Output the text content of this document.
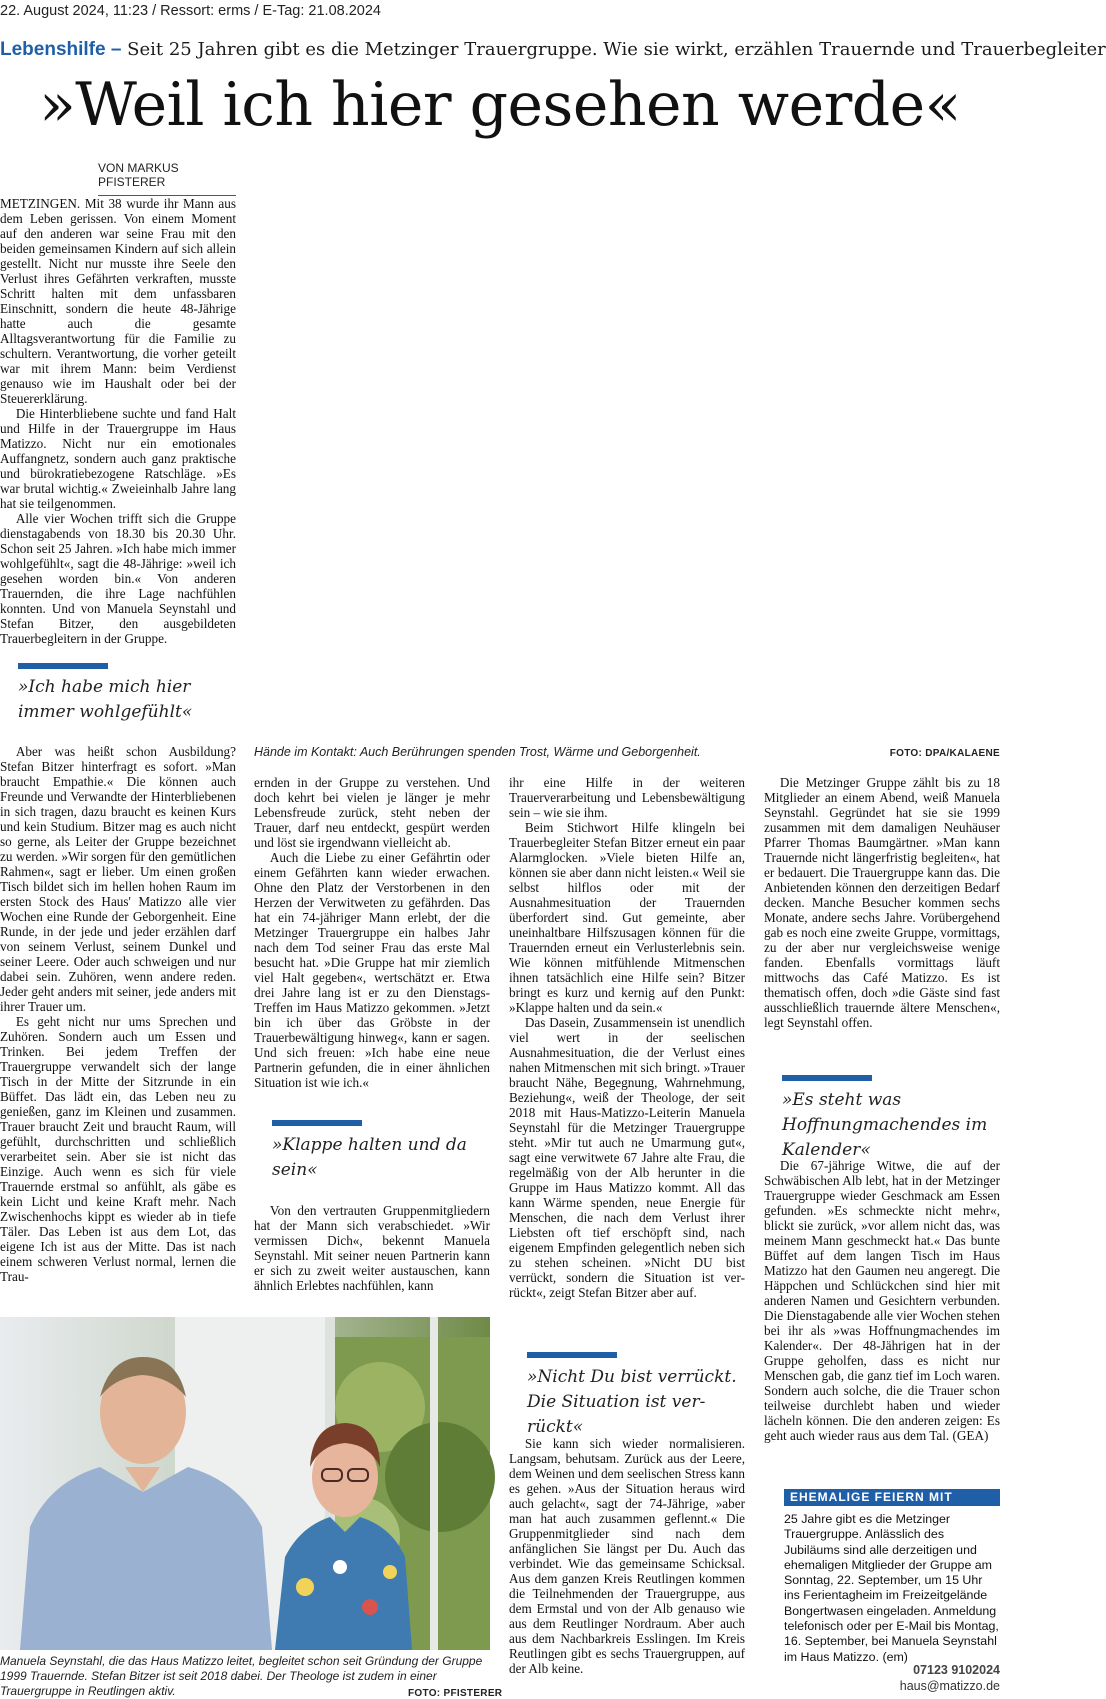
22. August 2024, 11:23 / Ressort: erms / E-Tag: 21.08.2024
Lebenshilfe – Seit 25 Jahren gibt es die Metzinger Trauergruppe. Wie sie wirkt, erzählen Trauernde und Trauerbegleiter
»Weil ich hier gesehen werde«
VON MARKUS PFISTERER

METZINGEN. Mit 38 wurde ihr Mann aus dem Leben gerissen. Von einem Moment auf den anderen war seine Frau mit den beiden gemeinsamen Kindern auf sich allein gestellt. Nicht nur musste ihre Seele den Verlust ihres Gefährten verkraften, musste Schritt halten mit dem unfassbaren Einschnitt, sondern die heute 48-Jährige hatte auch die gesamte Alltagsverantwortung für die Familie zu schultern. Verantwortung, die vorher geteilt war mit ihrem Mann: beim Verdienst genauso wie im Haushalt oder bei der Steuererklärung.

Die Hinterbliebene suchte und fand Halt und Hilfe in der Trauergruppe im Haus Matizzo. Nicht nur ein emotionales Auffangnetz, sondern auch ganz praktische und bürokratiebezogene Ratschläge. »Es war brutal wichtig.« Zweieinhalb Jahre lang hat sie teilgenommen.

Alle vier Wochen trifft sich die Gruppe dienstagabends von 18.30 bis 20.30 Uhr. Schon seit 25 Jahren. »Ich habe mich immer wohlgefühlt«, sagt die 48-Jährige: »weil ich gesehen worden bin.« Von anderen Trauernden, die ihre Lage nachfühlen konnten. Und von Manuela Seynstahl und Stefan Bitzer, den ausgebildeten Trauerbegleitern in der Gruppe.

»Ich habe mich hier immer wohlgefühlt«
Hände im Kontakt: Auch Berührungen spenden Trost, Wärme und Geborgenheit.	FOTO: DPA/KALAENE

Aber was heißt schon Ausbildung? Stefan Bitzer hinterfragt es sofort. »Man braucht Empathie.« Die können auch Freunde und Verwandte der Hinterbliebenen in sich tragen, dazu braucht es keinen Kurs und kein Studium. Bitzer mag es auch nicht so gerne, als Leiter der Gruppe bezeichnet zu werden. »Wir sorgen für den gemütlichen Rahmen«, sagt er lieber. Um einen großen Tisch bildet sich im hellen hohen Raum im ersten Stock des Haus' Matizzo alle vier Wochen eine Runde der Geborgenheit. Eine Runde, in der jede und jeder erzählen darf von seinem Verlust, seinem Dunkel und seiner Leere. Oder auch schweigen und nur dabei sein. Zuhören, wenn andere reden. Jeder geht anders mit seiner, jede anders mit ihrer Trauer um.

Es geht nicht nur ums Sprechen und Zuhören. Sondern auch um Essen und Trinken. Bei jedem Treffen der Trauergruppe verwandelt sich der lange Tisch in der Mitte der Sitzrunde in ein Büffet. Das lädt ein, das Leben neu zu genießen, ganz im Kleinen und zusammen. Trauer braucht Zeit und braucht Raum, will gefühlt, durchschritten und schließlich verarbeitet sein. Aber sie ist nicht das Einzige. Auch wenn es sich für viele Trauernde erstmal so anfühlt, als gäbe es kein Licht und keine Kraft mehr. Nach Zwischenhochs kippt es wieder ab in tiefe Täler. Das Leben ist aus dem Lot, das eigene Ich ist aus der Mitte. Das ist nach einem schweren Verlust normal, lernen die Trau-

ernden in der Gruppe zu verstehen. Und doch kehrt bei vielen je länger je mehr Lebensfreude zurück, steht neben der Trauer, darf neu entdeckt, gespürt werden und löst sie irgendwann vielleicht ab.

Auch die Liebe zu einer Gefährtin oder einem Gefährten kann wieder erwachen. Ohne den Platz der Verstorbenen in den Herzen der Verwitweten zu gefährden. Das hat ein 74-jähriger Mann erlebt, der die Metzinger Trauergruppe ein halbes Jahr nach dem Tod seiner Frau das erste Mal besucht hat. »Die Gruppe hat mir ziemlich viel Halt gegeben«, wertschätzt er. Etwa drei Jahre lang ist er zu den Dienstags-Treffen im Haus Matizzo gekommen. »Jetzt bin ich über das Gröbste in der Trauerbewältigung hinweg«, kann er sagen. Und sich freuen: »Ich habe eine neue Partnerin gefunden, die in einer ähnlichen Situation ist wie ich.«

»Klappe halten und da sein«

Von den vertrauten Gruppenmitgliedern hat der Mann sich verabschiedet. »Wir vermissen Dich«, bekennt Manuela Seynstahl. Mit seiner neuen Partnerin kann er sich zu zweit weiter austauschen, kann ähnlich Erlebtes nachfühlen, kann

ihr eine Hilfe in der weiteren Trauerverarbeitung und Lebensbewältigung sein – wie sie ihm.

Beim Stichwort Hilfe klingeln bei Trauerbegleiter Stefan Bitzer erneut ein paar Alarmglocken. »Viele bieten Hilfe an, können sie aber dann nicht leisten.« Weil sie selbst hilflos oder mit der Ausnahmesituation der Trauernden überfordert sind. Gut gemeinte, aber uneinhaltbare Hilfszusagen können für die Trauernden erneut ein Verlusterlebnis sein. Wie können mitfühlende Mitmenschen ihnen tatsächlich eine Hilfe sein? Bitzer bringt es kurz und kernig auf den Punkt: »Klappe halten und da sein.«

Das Dasein, Zusammensein ist unendlich viel wert in der seelischen Ausnahmesituation, die der Verlust eines nahen Mitmenschen mit sich bringt. »Trauer braucht Nähe, Begegnung, Wahrnehmung, Beziehung«, weiß der Theologe, der seit 2018 mit Haus-Matizzo-Leiterin Manuela Seynstahl für die Metzinger Trauergruppe steht. »Mir tut auch ne Umarmung gut«, sagt eine verwitwete 67 Jahre alte Frau, die regelmäßig von der Alb herunter in die Gruppe im Haus Matizzo kommt. All das kann Wärme spenden, neue Energie für Menschen, die nach dem Verlust ihrer Liebsten oft tief erschöpft sind, nach eigenem Empfinden gelegentlich neben sich zu stehen scheinen. »Nicht DU bist verrückt, sondern die Situation ist ver-rückt«, zeigt Stefan Bitzer aber auf.

»Nicht Du bist verrückt. Die Situation ist ver-rückt«

Sie kann sich wieder normalisieren. Langsam, behutsam. Zurück aus der Leere, dem Weinen und dem seelischen Stress kann es gehen. »Aus der Situation heraus wird auch gelacht«, sagt der 74-Jährige, »aber man hat auch zusammen geflennt.« Die Gruppenmitglieder sind nach dem anfänglichen Sie längst per Du. Auch das verbindet. Wie das gemeinsame Schicksal. Aus dem ganzen Kreis Reutlingen kommen die Teilnehmenden der Trauergruppe, aus dem Ermstal und von der Alb genauso wie aus dem Reutlinger Nordraum. Aber auch aus dem Nachbarkreis Esslingen. Im Kreis Reutlingen gibt es sechs Trauergruppen, auf der Alb keine.

Die Metzinger Gruppe zählt bis zu 18 Mitglieder an einem Abend, weiß Manuela Seynstahl. Gegründet hat sie sie 1999 zusammen mit dem damaligen Neuhäuser Pfarrer Thomas Baumgärtner. »Man kann Trauernde nicht längerfristig begleiten«, hat er bedauert. Die Trauergruppe kann das. Die Anbietenden können den derzeitigen Bedarf decken. Manche Besucher kommen sechs Monate, andere sechs Jahre. Vorübergehend gab es noch eine zweite Gruppe, vormittags, zu der aber nur vergleichsweise wenige fanden. Ebenfalls vormittags läuft mittwochs das Café Matizzo. Es ist thematisch offen, doch »die Gäste sind fast ausschließlich trauernde ältere Menschen«, legt Seynstahl offen.

»Es steht was Hoffnungmachendes im Kalender«

Die 67-jährige Witwe, die auf der Schwäbischen Alb lebt, hat in der Metzinger Trauergruppe wieder Geschmack am Essen gefunden. »Es schmeckte nicht mehr«, blickt sie zurück, »vor allem nicht das, was meinem Mann geschmeckt hat.« Das bunte Büffet auf dem langen Tisch im Haus Matizzo hat den Gaumen neu angeregt. Die Häppchen und Schlückchen sind hier mit anderen Namen und Gesichtern verbunden. Die Dienstagabende alle vier Wochen stehen bei ihr als »was Hoffnungmachendes im Kalender«. Der 48-Jährigen hat in der Gruppe geholfen, dass es nicht nur Menschen gab, die ganz tief im Loch waren. Sondern auch solche, die die Trauer schon teilweise durchlebt haben und wieder lächeln können. Die den anderen zeigen: Es geht auch wieder raus aus dem Tal. (GEA)

EHEMALIGE FEIERN MIT
25 Jahre gibt es die Metzinger Trauergruppe. Anlässlich des Jubiläums sind alle derzeitigen und ehemaligen Mitglieder der Gruppe am Sonntag, 22. September, um 15 Uhr ins Ferientagheim im Freizeitgelände Bongertwasen eingeladen. Anmeldung telefonisch oder per E-Mail bis Montag, 16. September, bei Manuela Seynstahl im Haus Matizzo. (em)
07123 9102024
haus@matizzo.de
Manuela Seynstahl, die das Haus Matizzo leitet, begleitet schon seit Gründung der Gruppe 1999 Trauernde. Stefan Bitzer ist seit 2018 dabei. Der Theologe ist zudem in einer Trauergruppe in Reutlingen aktiv.	FOTO: PFISTERER
